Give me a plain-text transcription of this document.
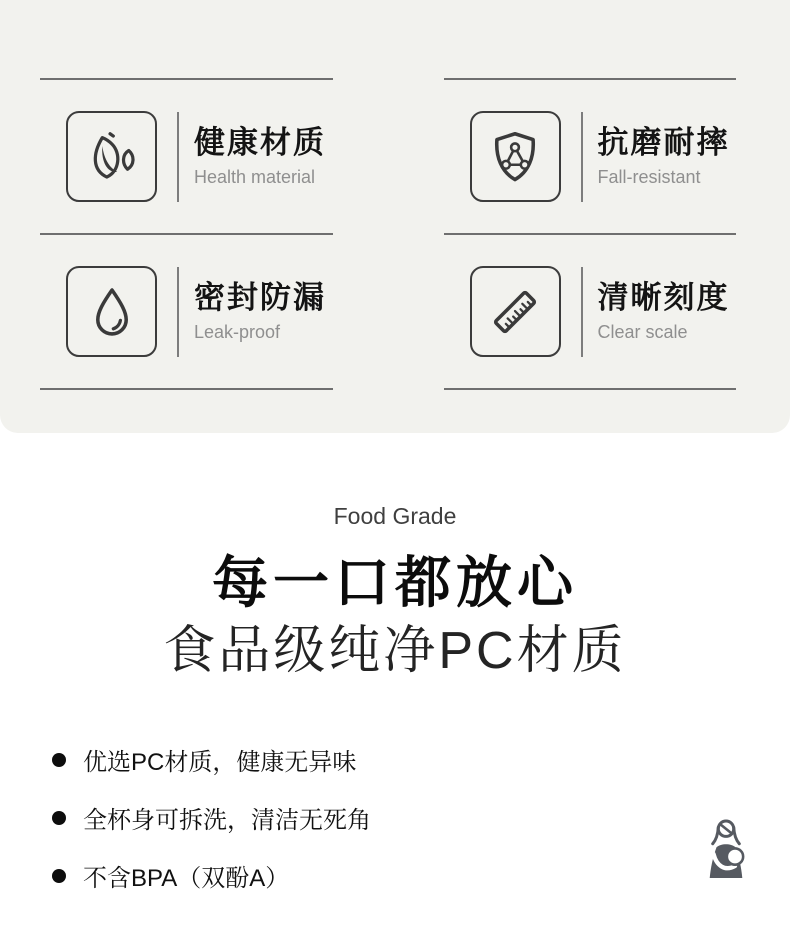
健康材质
Health material
密封防漏
Leak-proof
抗磨耐摔
Fall-resistant
清晰刻度
Clear scale
Food Grade
每一口都放心
食品级纯净PC材质
优选PC材质，健康无异味
全杯身可拆洗，清洁无死角
不含BPA（双酚A）
